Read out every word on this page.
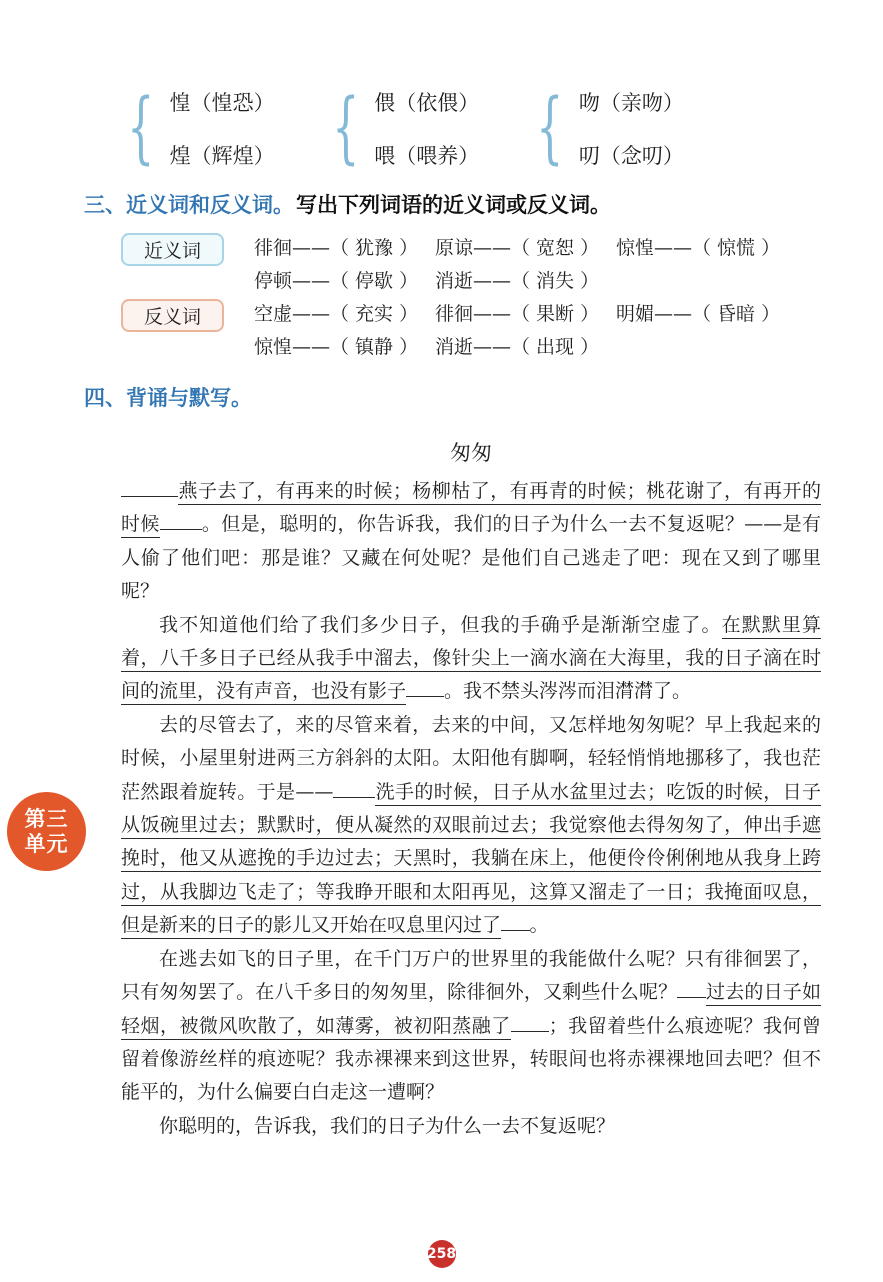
{ 惶（惶恐）
煌（辉煌） { 偎（依偎）
喂（喂养） { 吻（亲吻）
叨（念叨）
三、近义词和反义词。写出下列词语的近义词或反义词。
近义词	徘徊——（ 犹豫 ） 原谅——（ 宽恕 ） 惊惶——（ 惊慌 ）
停顿——（ 停歇 ） 消逝——（ 消失 ）
反义词	空虚——（ 充实 ） 徘徊——（ 果断 ） 明媚——（ 昏暗 ）
惊惶——（ 镇静 ） 消逝——（ 出现 ）
四、背诵与默写。
匆匆

燕子去了，有再来的时候；杨柳枯了，有再青的时候；桃花谢了，有再开的时候 。但是，聪明的，你告诉我，我们的日子为什么一去不复返呢？——是有人偷了他们吧：那是谁？又藏在何处呢？是他们自己逃走了吧：现在又到了哪里呢？

我不知道他们给了我们多少日子，但我的手确乎是渐渐空虚了。在默默里算着，八千多日子已经从我手中溜去，像针尖上一滴水滴在大海里，我的日子滴在时间的流里，没有声音，也没有影子 。我不禁头涔涔而泪潸潸了。

去的尽管去了，来的尽管来着，去来的中间，又怎样地匆匆呢？早上我起来的时候，小屋里射进两三方斜斜的太阳。太阳他有脚啊，轻轻悄悄地挪移了，我也茫茫然跟着旋转。于是—— 洗手的时候，日子从水盆里过去；吃饭的时候，日子从饭碗里过去；默默时，便从凝然的双眼前过去；我觉察他去得匆匆了，伸出手遮挽时，他又从遮挽的手边过去；天黑时，我躺在床上，他便伶伶俐俐地从我身上跨过，从我脚边飞走了；等我睁开眼和太阳再见，这算又溜走了一日；我掩面叹息，但是新来的日子的影儿又开始在叹息里闪过了 。

在逃去如飞的日子里，在千门万户的世界里的我能做什么呢？只有徘徊罢了，只有匆匆罢了。在八千多日的匆匆里，除徘徊外，又剩些什么呢？ 过去的日子如轻烟，被微风吹散了，如薄雾，被初阳蒸融了 ；我留着些什么痕迹呢？我何曾留着像游丝样的痕迹呢？我赤裸裸来到这世界，转眼间也将赤裸裸地回去吧？但不能平的，为什么偏要白白走这一遭啊？

你聪明的，告诉我，我们的日子为什么一去不复返呢？

第三
单元
258
